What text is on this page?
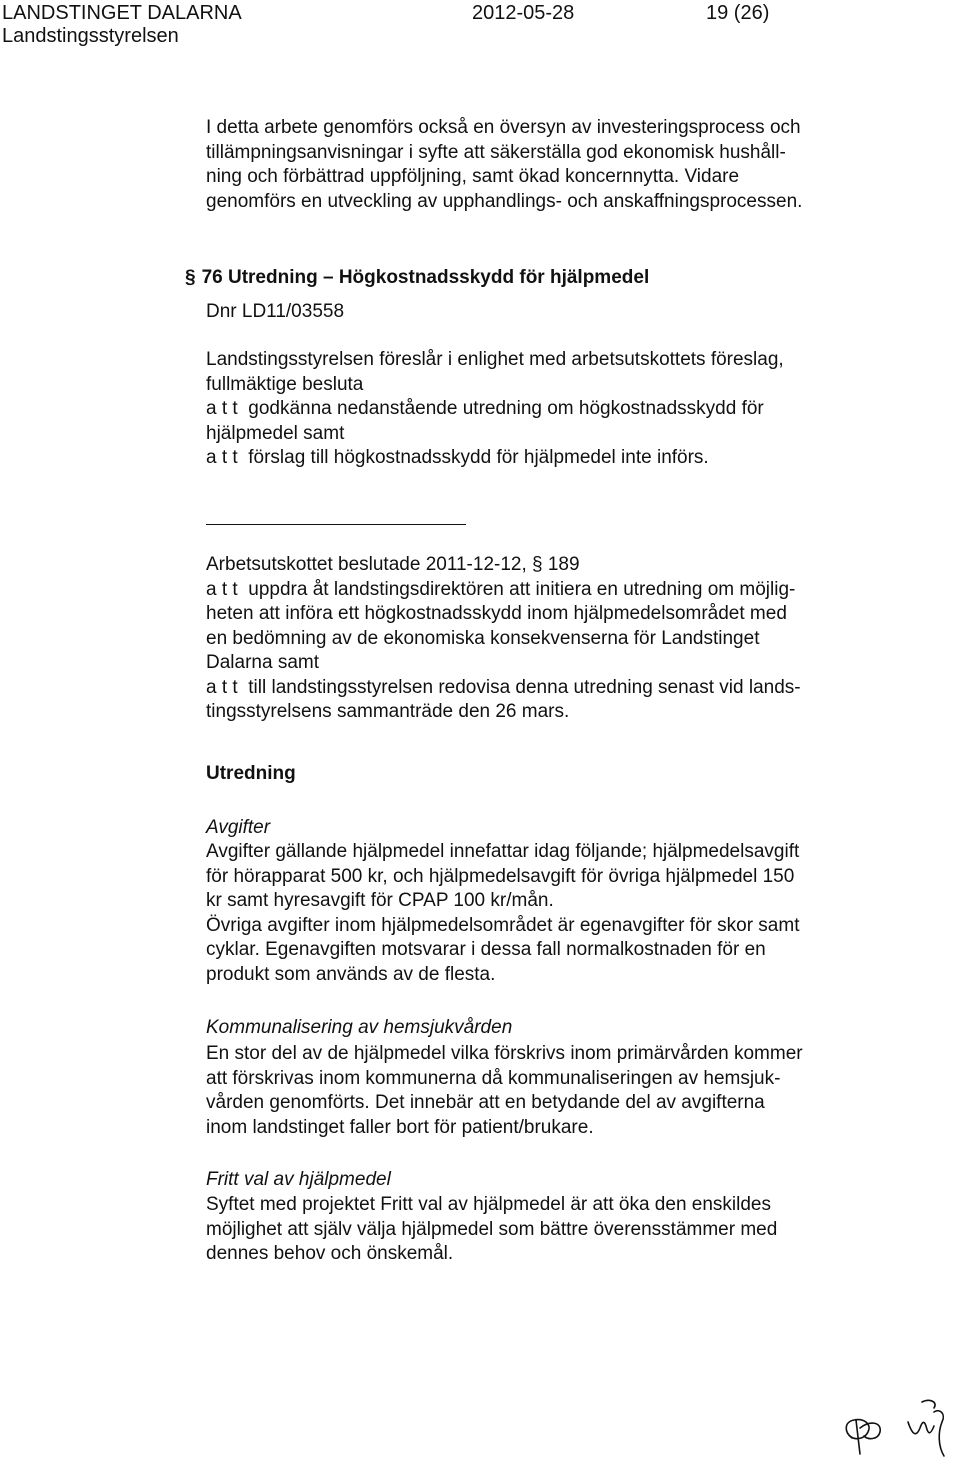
LANDSTINGET DALARNA	2012-05-28	19 (26)
Landstingsstyrelsen
I detta arbete genomförs också en översyn av investeringsprocess och
tillämpningsanvisningar i syfte att säkerställa god ekonomisk hushåll-
ning och förbättrad uppföljning, samt ökad koncernnytta. Vidare
genomförs en utveckling av upphandlings- och anskaffningsprocessen.
§ 76 Utredning – Högkostnadsskydd för hjälpmedel
Dnr LD11/03558
Landstingsstyrelsen föreslår i enlighet med arbetsutskottets föreslag,
fullmäktige besluta
a t t godkänna nedanstående utredning om högkostnadsskydd för
hjälpmedel samt
a t t förslag till högkostnadsskydd för hjälpmedel inte införs.
Arbetsutskottet beslutade 2011-12-12, § 189
a t t uppdra åt landstingsdirektören att initiera en utredning om möjlig-
heten att införa ett högkostnadsskydd inom hjälpmedelsområdet med
en bedömning av de ekonomiska konsekvenserna för Landstinget
Dalarna samt
a t t till landstingsstyrelsen redovisa denna utredning senast vid lands-
tingsstyrelsens sammanträde den 26 mars.
Utredning
Avgifter
Avgifter gällande hjälpmedel innefattar idag följande; hjälpmedelsavgift
för hörapparat 500 kr, och hjälpmedelsavgift för övriga hjälpmedel 150
kr samt hyresavgift för CPAP 100 kr/mån.
Övriga avgifter inom hjälpmedelsområdet är egenavgifter för skor samt
cyklar. Egenavgiften motsvarar i dessa fall normalkostnaden för en
produkt som används av de flesta.
Kommunalisering av hemsjukvården
En stor del av de hjälpmedel vilka förskrivs inom primärvården kommer
att förskrivas inom kommunerna då kommunaliseringen av hemsjuk-
vården genomförts. Det innebär att en betydande del av avgifterna
inom landstinget faller bort för patient/brukare.
Fritt val av hjälpmedel
Syftet med projektet Fritt val av hjälpmedel är att öka den enskildes
möjlighet att själv välja hjälpmedel som bättre överensstämmer med
dennes behov och önskemål.
